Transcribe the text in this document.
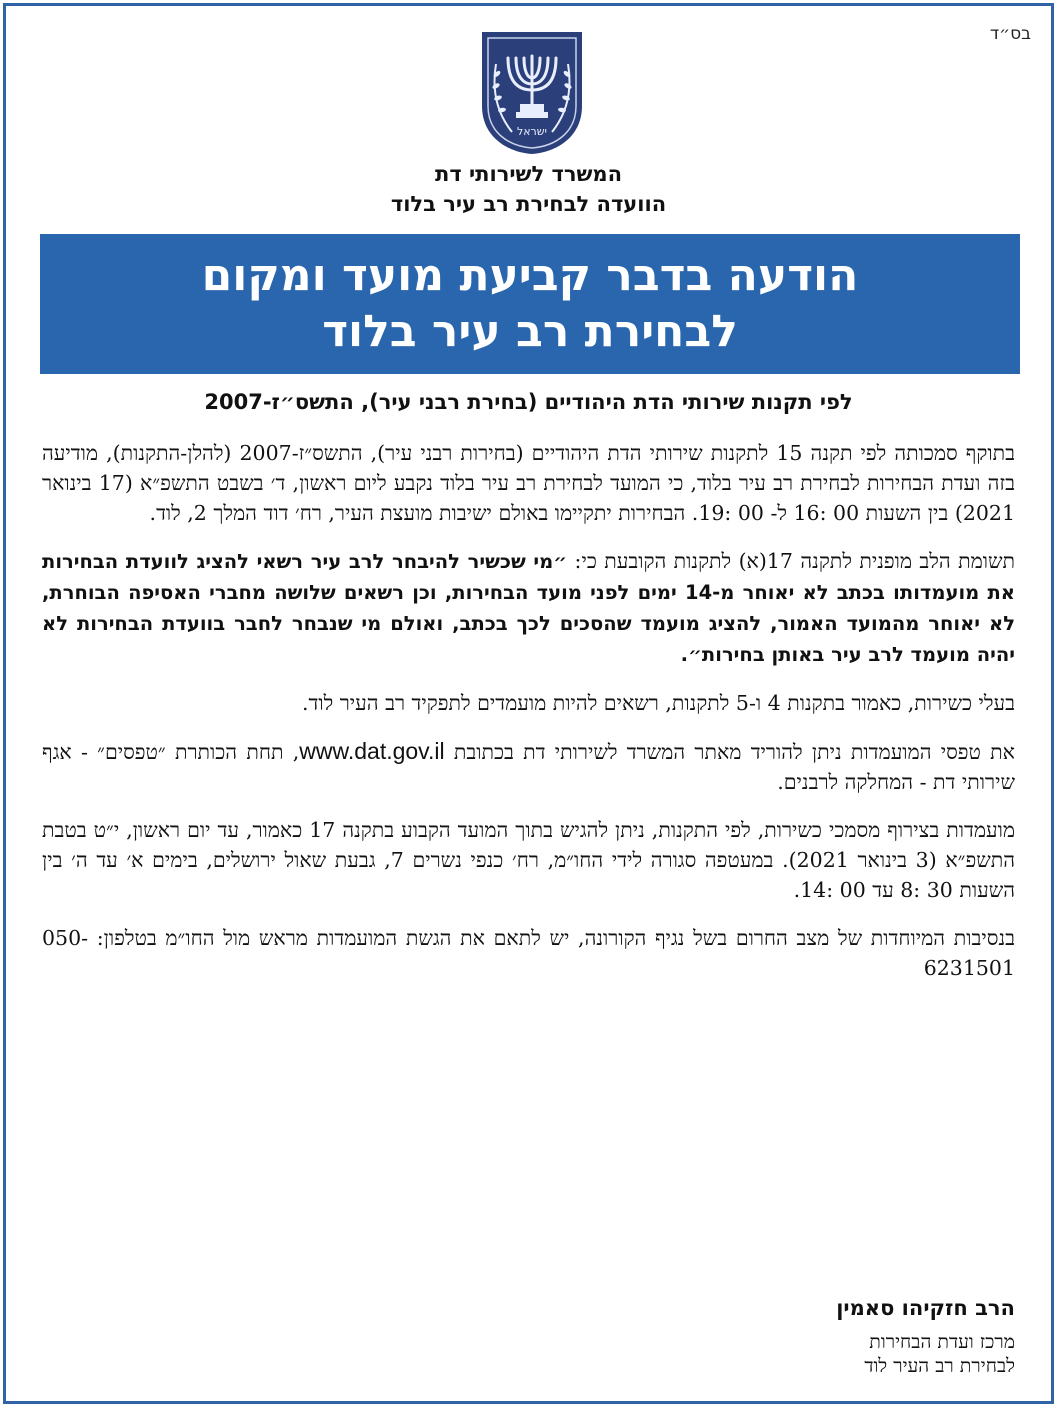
בס״ד
ישראל
המשרד לשירותי דת
הוועדה לבחירת רב עיר בלוד
הודעה בדבר קביעת מועד ומקום
לבחירת רב עיר בלוד
לפי תקנות שירותי הדת היהודיים (בחירת רבני עיר), התשס״ז-2007

בתוקף סמכותה לפי תקנה 15 לתקנות שירותי הדת היהודיים (בחירות רבני עיר), התשס״ז-2007 (להלן-התקנות), מודיעה בזה ועדת הבחירות לבחירת רב עיר בלוד, כי המועד לבחירת רב עיר בלוד נקבע ליום ראשון, ד׳ בשבט התשפ״א (17 בינואר 2021) בין השעות 00 :16 ל- 00 :19. הבחירות יתקיימו באולם ישיבות מועצת העיר, רח׳ דוד המלך 2, לוד.

תשומת הלב מופנית לתקנה 17(א) לתקנות הקובעת כי: ״מי שכשיר להיבחר לרב עיר רשאי להציג לוועדת הבחירות את מועמדותו בכתב לא יאוחר מ-14 ימים לפני מועד הבחירות, וכן רשאים שלושה מחברי האסיפה הבוחרת, לא יאוחר מהמועד האמור, להציג מועמד שהסכים לכך בכתב, ואולם מי שנבחר לחבר בוועדת הבחירות לא יהיה מועמד לרב עיר באותן בחירות״.

בעלי כשירות, כאמור בתקנות 4 ו-5 לתקנות, רשאים להיות מועמדים לתפקיד רב העיר לוד.

את טפסי המועמדות ניתן להוריד מאתר המשרד לשירותי דת בכתובת www.dat.gov.il, תחת הכותרת ״טפסים״ - אגף שירותי דת - המחלקה לרבנים.

מועמדות בצירוף מסמכי כשירות, לפי התקנות, ניתן להגיש בתוך המועד הקבוע בתקנה 17 כאמור, עד יום ראשון, י״ט בטבת התשפ״א (3 בינואר 2021). במעטפה סגורה לידי החו״מ, רח׳ כנפי נשרים 7, גבעת שאול ירושלים, בימים א׳ עד ה׳ בין השעות 30 :8 עד 00 :14.

בנסיבות המיוחדות של מצב החרום בשל נגיף הקורונה, יש לתאם את הגשת המועמדות מראש מול החו״מ בטלפון: 050-6231501

הרב חזקיהו סאמין
מרכז ועדת הבחירות
לבחירת רב העיר לוד
